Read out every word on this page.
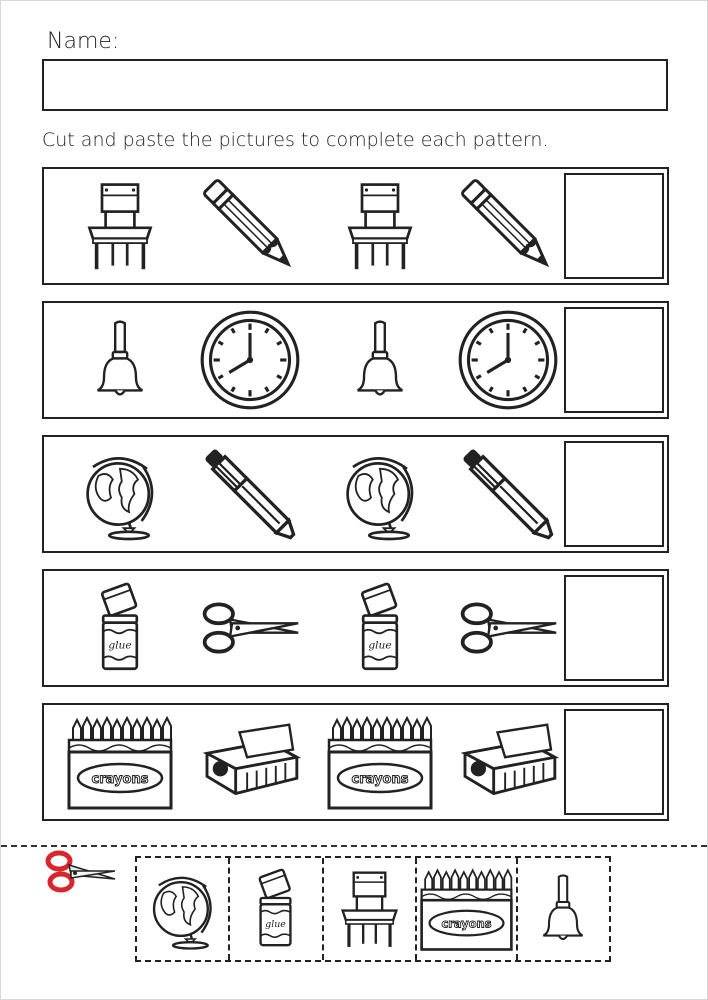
Name:
Cut and paste the pictures to complete each pattern.
glue	glue
crayons	crayons
glue	crayons
